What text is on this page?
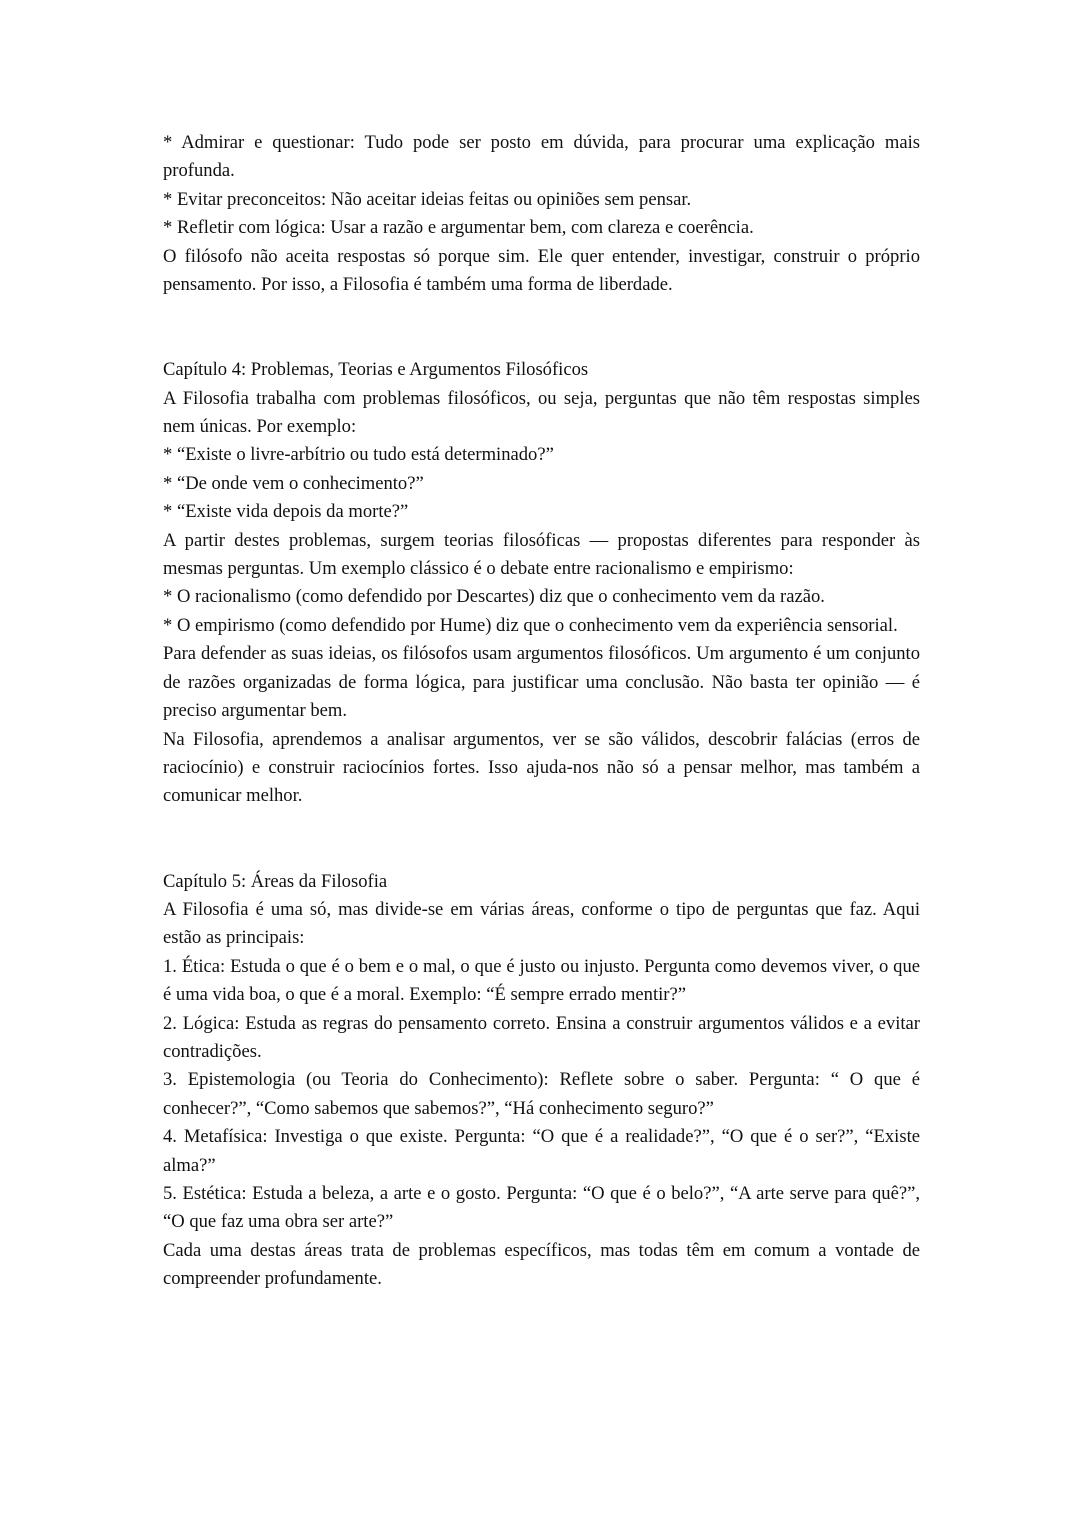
* Admirar e questionar: Tudo pode ser posto em dúvida, para procurar uma explicação mais profunda.

* Evitar preconceitos: Não aceitar ideias feitas ou opiniões sem pensar.

* Refletir com lógica: Usar a razão e argumentar bem, com clareza e coerência.

O filósofo não aceita respostas só porque sim. Ele quer entender, investigar, construir o próprio pensamento. Por isso, a Filosofia é também uma forma de liberdade.

Capítulo 4: Problemas, Teorias e Argumentos Filosóficos

A Filosofia trabalha com problemas filosóficos, ou seja, perguntas que não têm respostas simples nem únicas. Por exemplo:

* “Existe o livre-arbítrio ou tudo está determinado?”

* “De onde vem o conhecimento?”

* “Existe vida depois da morte?”

A partir destes problemas, surgem teorias filosóficas — propostas diferentes para responder às mesmas perguntas. Um exemplo clássico é o debate entre racionalismo e empirismo:

* O racionalismo (como defendido por Descartes) diz que o conhecimento vem da razão.

* O empirismo (como defendido por Hume) diz que o conhecimento vem da experiência sensorial.

Para defender as suas ideias, os filósofos usam argumentos filosóficos. Um argumento é um conjunto de razões organizadas de forma lógica, para justificar uma conclusão. Não basta ter opinião — é preciso argumentar bem.

Na Filosofia, aprendemos a analisar argumentos, ver se são válidos, descobrir falácias (erros de raciocínio) e construir raciocínios fortes. Isso ajuda-nos não só a pensar melhor, mas também a comunicar melhor.

Capítulo 5: Áreas da Filosofia

A Filosofia é uma só, mas divide-se em várias áreas, conforme o tipo de perguntas que faz. Aqui estão as principais:

1. Ética: Estuda o que é o bem e o mal, o que é justo ou injusto. Pergunta como devemos viver, o que é uma vida boa, o que é a moral. Exemplo: “É sempre errado mentir?”

2. Lógica: Estuda as regras do pensamento correto. Ensina a construir argumentos válidos e a evitar contradições.

3. Epistemologia (ou Teoria do Conhecimento): Reflete sobre o saber. Pergunta: “ O que é conhecer?”, “Como sabemos que sabemos?”, “Há conhecimento seguro?”

4. Metafísica: Investiga o que existe. Pergunta: “O que é a realidade?”, “O que é o ser?”, “Existe alma?”

5. Estética: Estuda a beleza, a arte e o gosto. Pergunta: “O que é o belo?”, “A arte serve para quê?”, “O que faz uma obra ser arte?”

Cada uma destas áreas trata de problemas específicos, mas todas têm em comum a vontade de compreender profundamente.
